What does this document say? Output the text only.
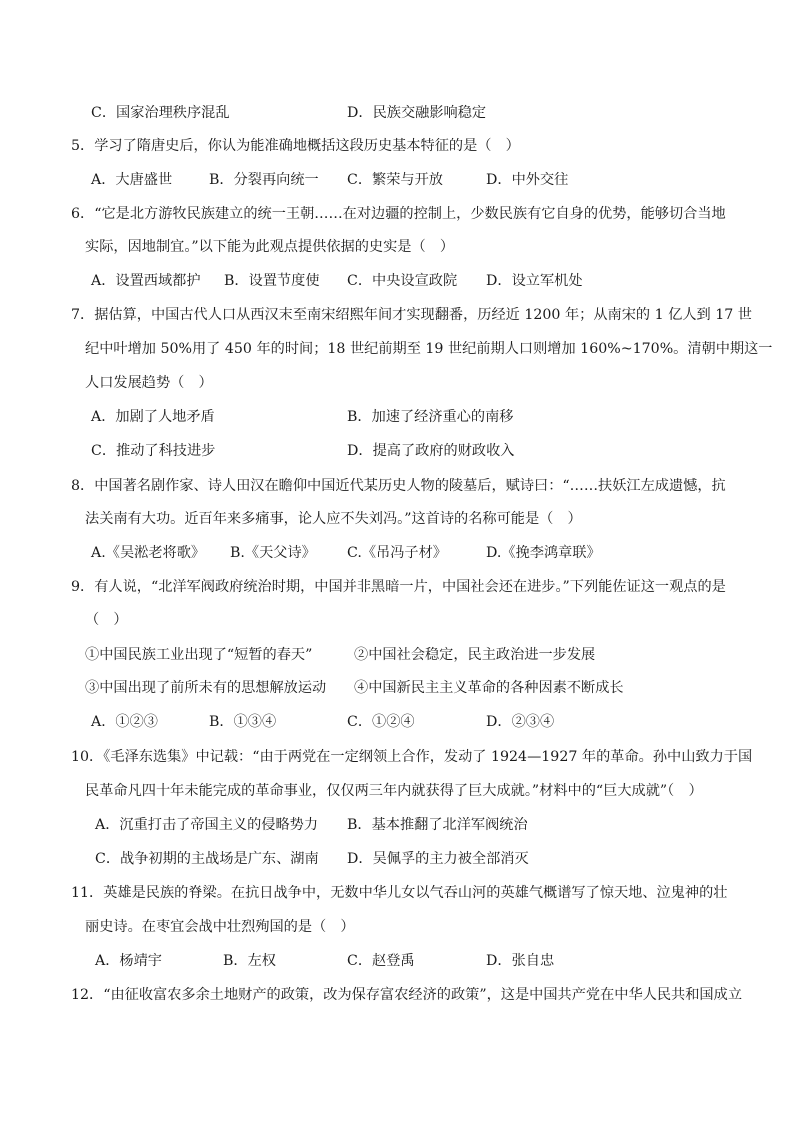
C．国家治理秩序混乱	D．民族交融影响稳定
5．学习了隋唐史后，你认为能准确地概括这段历史基本特征的是（　）
A．大唐盛世	B．分裂再向统一 C．繁荣与开放	D．中外交往
6．“它是北方游牧民族建立的统一王朝……在对边疆的控制上，少数民族有它自身的优势，能够切合当地
实际，因地制宜。”以下能为此观点提供依据的史实是（　）
A．设置西域都护 B．设置节度使 C．中央设宣政院 D．设立军机处
7．据估算，中国古代人口从西汉末至南宋绍熙年间才实现翻番，历经近 1200 年；从南宋的 1 亿人到 17 世
纪中叶增加 50%用了 450 年的时间；18 世纪前期至 19 世纪前期人口则增加 160%~170%。清朝中期这一
人口发展趋势（　）
A．加剧了人地矛盾	B．加速了经济重心的南移
C．推动了科技进步	D．提高了政府的财政收入
8．中国著名剧作家、诗人田汉在瞻仰中国近代某历史人物的陵墓后，赋诗曰：“……扶妖江左成遗憾，抗
法关南有大功。近百年来多痛事，论人应不失刘冯。”这首诗的名称可能是（　）
A.《吴淞老将歌》 B.《天父诗》 C.《吊冯子材》	D.《挽李鸿章联》
9．有人说，“北洋军阀政府统治时期，中国并非黑暗一片，中国社会还在进步。”下列能佐证这一观点的是
（　）
①中国民族工业出现了“短暂的春天”	②中国社会稳定，民主政治进一步发展
③中国出现了前所未有的思想解放运动 ④中国新民主主义革命的各种因素不断成长
A．①②③	B．①③④	C．①②④	D．②③④
10．《毛泽东选集》中记载：“由于两党在一定纲领上合作，发动了 1924—1927 年的革命。孙中山致力于国
民革命凡四十年未能完成的革命事业，仅仅两三年内就获得了巨大成就。”材料中的“巨大成就”（　）
A．沉重打击了帝国主义的侵略势力 B．基本推翻了北洋军阀统治
C．战争初期的主战场是广东、湖南 D．吴佩孚的主力被全部消灭
11．英雄是民族的脊梁。在抗日战争中，无数中华儿女以气吞山河的英雄气概谱写了惊天地、泣鬼神的壮
丽史诗。在枣宜会战中壮烈殉国的是（　）
A．杨靖宇	B．左权	C．赵登禹	D．张自忠
12．“由征收富农多余土地财产的政策，改为保存富农经济的政策”，这是中国共产党在中华人民共和国成立
